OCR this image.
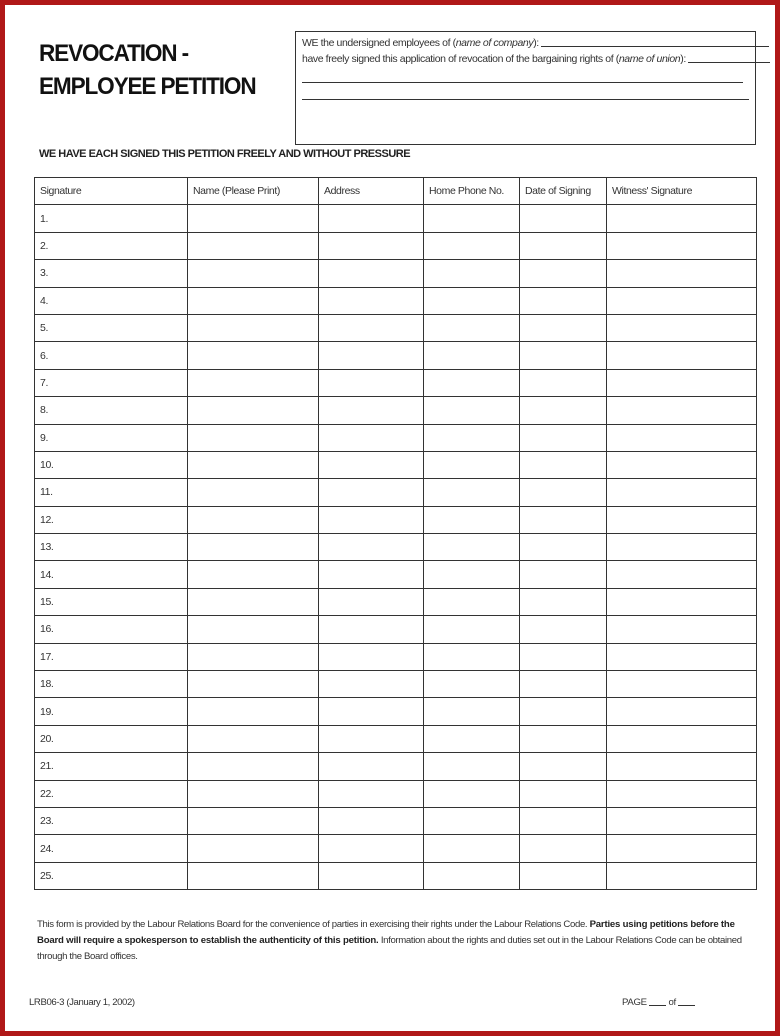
REVOCATION -
EMPLOYEE PETITION
WE the undersigned employees of (name of company):
have freely signed this application of revocation of the bargaining rights of (name of union):
WE HAVE EACH SIGNED THIS PETITION FREELY AND WITHOUT PRESSURE
Signature	Name (Please Print)	Address	Home Phone No.	Date of Signing	Witness' Signature
1.					
2.					
3.					
4.					
5.					
6.					
7.					
8.					
9.					
10.					
11.					
12.					
13.					
14.					
15.					
16.					
17.					
18.					
19.					
20.					
21.					
22.					
23.					
24.					
25.					
This form is provided by the Labour Relations Board for the convenience of parties in exercising their rights under the Labour Relations Code. Parties using petitions before the Board will require a spokesperson to establish the authenticity of this petition. Information about the rights and duties set out in the Labour Relations Code can be obtained through the Board offices.
LRB06-3 (January 1, 2002)	PAGE of
